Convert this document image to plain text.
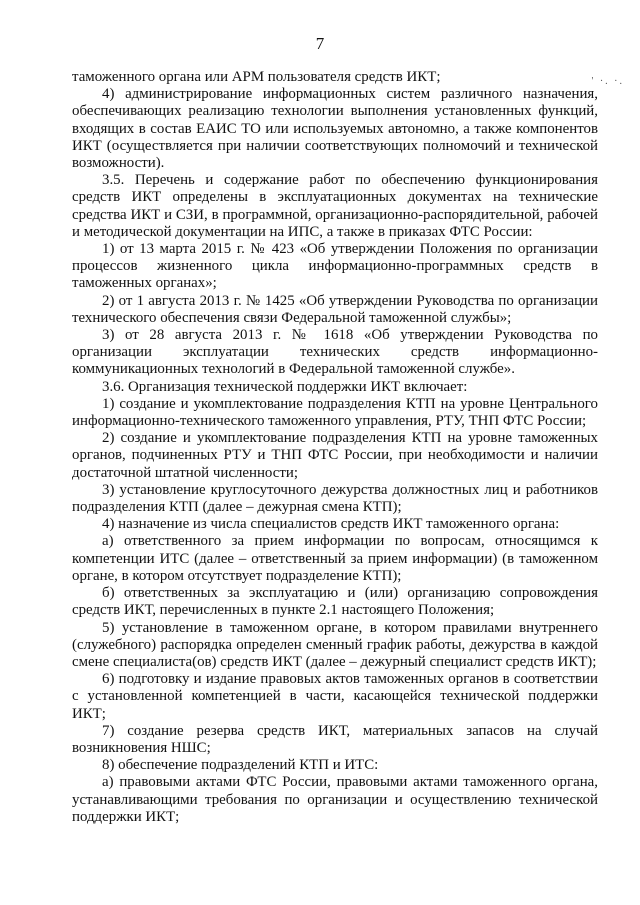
7
' ·. ·.

таможенного органа или АРМ пользователя средств ИКТ;

4) администрирование информационных систем различного назначения, обеспечивающих реализацию технологии выполнения установленных функций, входящих в состав ЕАИС ТО или используемых автономно, а также компонентов ИКТ (осуществляется при наличии соответствующих полномочий и технической возможности).

3.5. Перечень и содержание работ по обеспечению функционирования средств ИКТ определены в эксплуатационных документах на технические средства ИКТ и СЗИ, в программной, организационно-распорядительной, рабочей и методической документации на ИПС, а также в приказах ФТС России:

1) от 13 марта 2015 г. № 423 «Об утверждении Положения по организации процессов жизненного цикла информационно-программных средств в таможенных органах»;

2) от 1 августа 2013 г. № 1425 «Об утверждении Руководства по организации технического обеспечения связи Федеральной таможенной службы»;

3) от 28 августа 2013 г. № 1618 «Об утверждении Руководства по организации эксплуатации технических средств информационно-коммуникационных технологий в Федеральной таможенной службе».

3.6. Организация технической поддержки ИКТ включает:

1) создание и укомплектование подразделения КТП на уровне Центрального информационно-технического таможенного управления, РТУ, ТНП ФТС России;

2) создание и укомплектование подразделения КТП на уровне таможенных органов, подчиненных РТУ и ТНП ФТС России, при необходимости и наличии достаточной штатной численности;

3) установление круглосуточного дежурства должностных лиц и работников подразделения КТП (далее – дежурная смена КТП);

4) назначение из числа специалистов средств ИКТ таможенного органа:

а) ответственного за прием информации по вопросам, относящимся к компетенции ИТС (далее – ответственный за прием информации) (в таможенном органе, в котором отсутствует подразделение КТП);

б) ответственных за эксплуатацию и (или) организацию сопровождения средств ИКТ, перечисленных в пункте 2.1 настоящего Положения;

5) установление в таможенном органе, в котором правилами внутреннего (служебного) распорядка определен сменный график работы, дежурства в каждой смене специалиста(ов) средств ИКТ (далее – дежурный специалист средств ИКТ);

6) подготовку и издание правовых актов таможенных органов в соответствии с установленной компетенцией в части, касающейся технической поддержки ИКТ;

7) создание резерва средств ИКТ, материальных запасов на случай возникновения НШС;

8) обеспечение подразделений КТП и ИТС:

а) правовыми актами ФТС России, правовыми актами таможенного органа, устанавливающими требования по организации и осуществлению технической поддержки ИКТ;
